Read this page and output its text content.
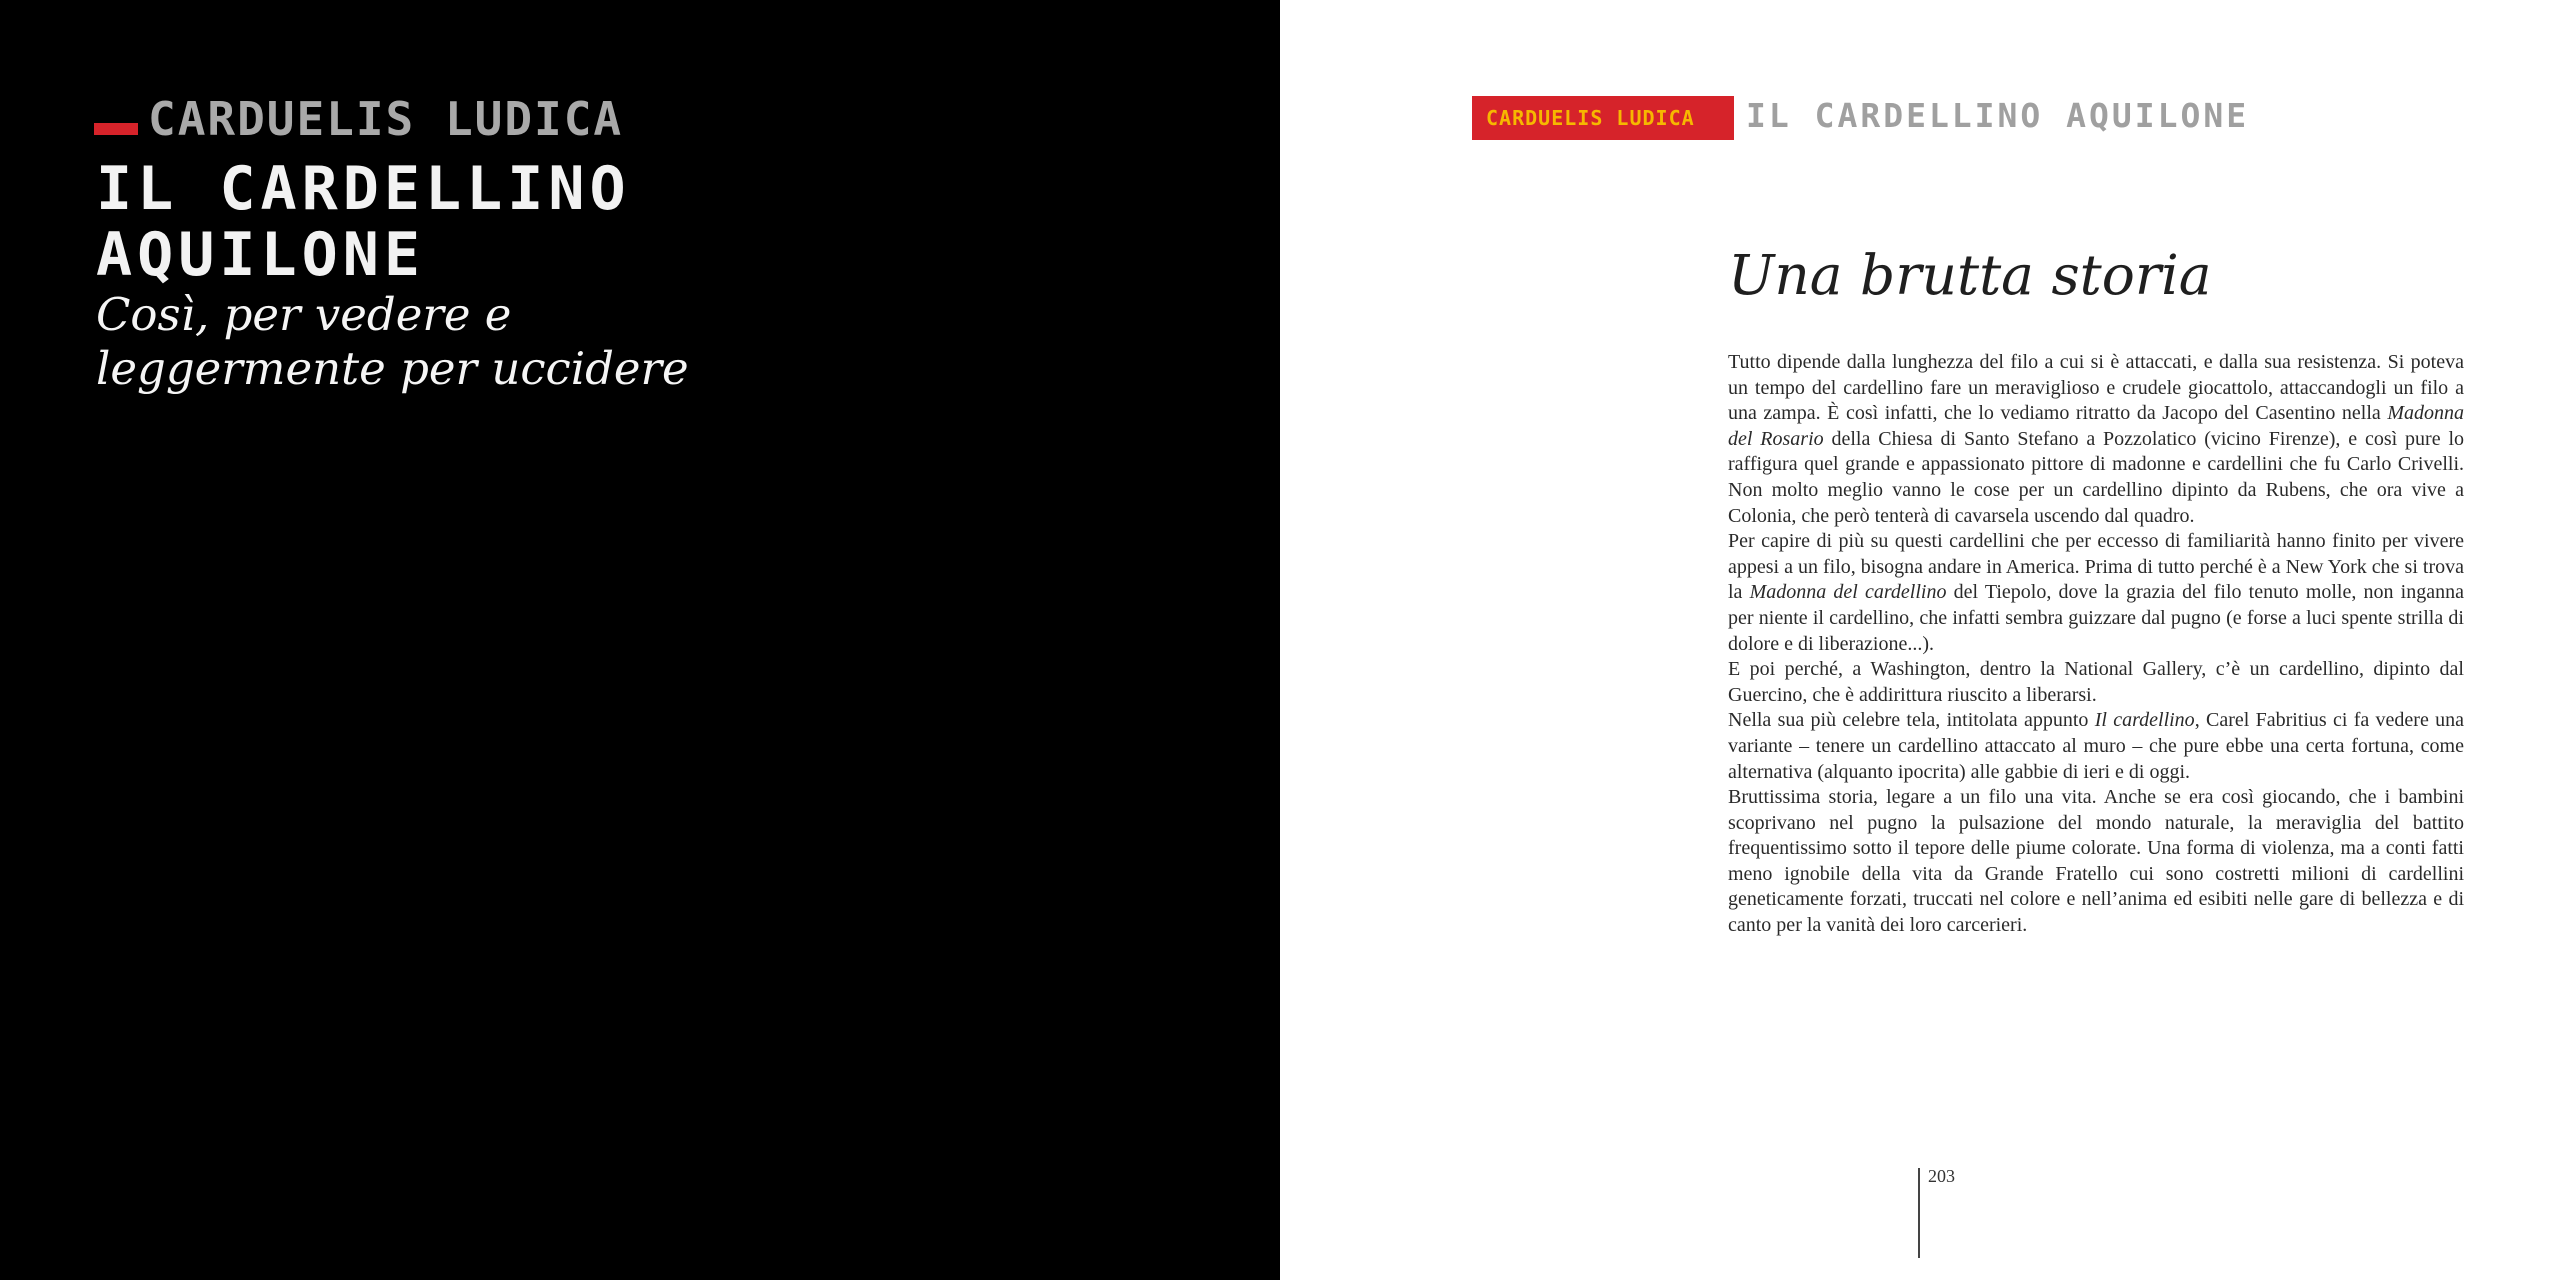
CARDUELIS LUDICA
IL CARDELLINO
AQUILONE
Così, per vedere e
leggermente per uccidere
CARDUELIS LUDICA IL CARDELLINO AQUILONE
Una brutta storia

Tutto dipende dalla lunghezza del filo a cui si è attaccati, e dalla sua resistenza. Si poteva un tempo del cardellino fare un meraviglioso e crudele giocattolo, attaccandogli un filo a una zampa. È così infatti, che lo vediamo ritratto da Jacopo del Casentino nella Madonna del Rosario della Chiesa di Santo Stefano a Pozzolatico (vicino Firenze), e così pure lo raffigura quel grande e appassionato pittore di madonne e cardellini che fu Carlo Crivelli. Non molto meglio vanno le cose per un cardellino dipinto da Rubens, che ora vive a Colonia, che però tenterà di cavarsela uscendo dal quadro.

Per capire di più su questi cardellini che per eccesso di familiarità hanno finito per vivere appesi a un filo, bisogna andare in America. Prima di tutto perché è a New York che si trova la Madonna del cardellino del Tiepolo, dove la grazia del filo tenuto molle, non inganna per niente il cardellino, che infatti sembra guizzare dal pugno (e forse a luci spente strilla di dolore e di liberazione...).

E poi perché, a Washington, dentro la National Gallery, c’è un cardellino, dipinto dal Guercino, che è addirittura riuscito a liberarsi.

Nella sua più celebre tela, intitolata appunto Il cardellino, Carel Fabritius ci fa vedere una variante – tenere un cardellino attaccato al muro – che pure ebbe una certa fortuna, come alternativa (alquanto ipocrita) alle gabbie di ieri e di oggi.

Bruttissima storia, legare a un filo una vita. Anche se era così giocando, che i bambini scoprivano nel pugno la pulsazione del mondo naturale, la meraviglia del battito frequentissimo sotto il tepore delle piume colorate. Una forma di violenza, ma a conti fatti meno ignobile della vita da Grande Fratello cui sono costretti milioni di cardellini geneticamente forzati, truccati nel colore e nell’anima ed esibiti nelle gare di bellezza e di canto per la vanità dei loro carcerieri.

203
